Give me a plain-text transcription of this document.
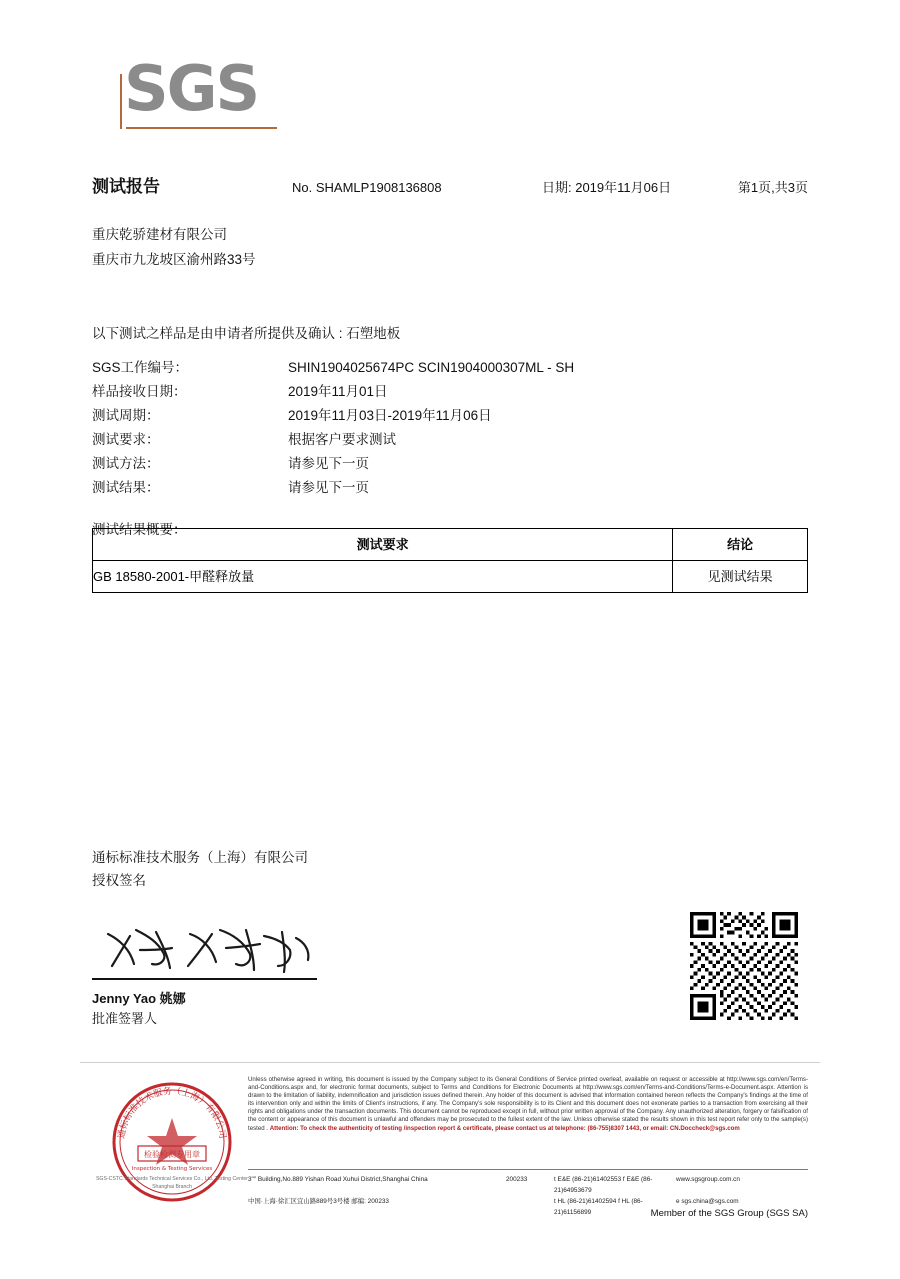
SGS
测试报告	No. SHAMLP1908136808	日期: 2019年11月06日	第1页,共3页
重庆乾骄建材有限公司
重庆市九龙坡区渝州路33号
以下测试之样品是由申请者所提供及确认 : 石塑地板
SGS工作编号：	SHIN1904025674PC SCIN1904000307ML - SH
样品接收日期：	2019年11月01日
测试周期：	2019年11月03日-2019年11月06日
测试要求：	根据客户要求测试
测试方法：	请参见下一页
测试结果：	请参见下一页
测试结果概要：
测试要求	结论
GB 18580-2001-甲醛释放量	见测试结果
通标标准技术服务（上海）有限公司
授权签名
Jenny Yao 姚娜
批准签署人
检验检测专用章
Inspection & Testing Services
通标标准技术服务（上海）有限公司
SGS-CSTC Standards Technical Services Co., Ltd. Testing Center Shanghai Branch
Unless otherwise agreed in writing, this document is issued by the Company subject to its General Conditions of Service printed overleaf, available on request or accessible at http://www.sgs.com/en/Terms-and-Conditions.aspx and, for electronic format documents, subject to Terms and Conditions for Electronic Documents at http://www.sgs.com/en/Terms-and-Conditions/Terms-e-Document.aspx. Attention is drawn to the limitation of liability, indemnification and jurisdiction issues defined therein. Any holder of this document is advised that information contained hereon reflects the Company's findings at the time of its intervention only and within the limits of Client's instructions, if any. The Company's sole responsibility is to its Client and this document does not exonerate parties to a transaction from exercising all their rights and obligations under the transaction documents. This document cannot be reproduced except in full, without prior written approval of the Company. Any unauthorized alteration, forgery or falsification of the content or appearance of this document is unlawful and offenders may be prosecuted to the fullest extent of the law. Unless otherwise stated the results shown in this test report refer only to the sample(s) tested . Attention: To check the authenticity of testing /inspection report & certificate, please contact us at telephone: (86-755)8307 1443, or email: CN.Doccheck@sgs.com
3"" Building,No.889 Yishan Road Xuhui District,Shanghai China	200233	t E&E (86-21)61402553 f E&E (86-21)64953679
www.sgsgroup.com.cn
中国·上海·徐汇区宜山路889号3号楼 邮编: 200233	t HL (86-21)61402594 f HL (86-21)61156899
e sgs.china@sgs.com
Member of the SGS Group (SGS SA)
